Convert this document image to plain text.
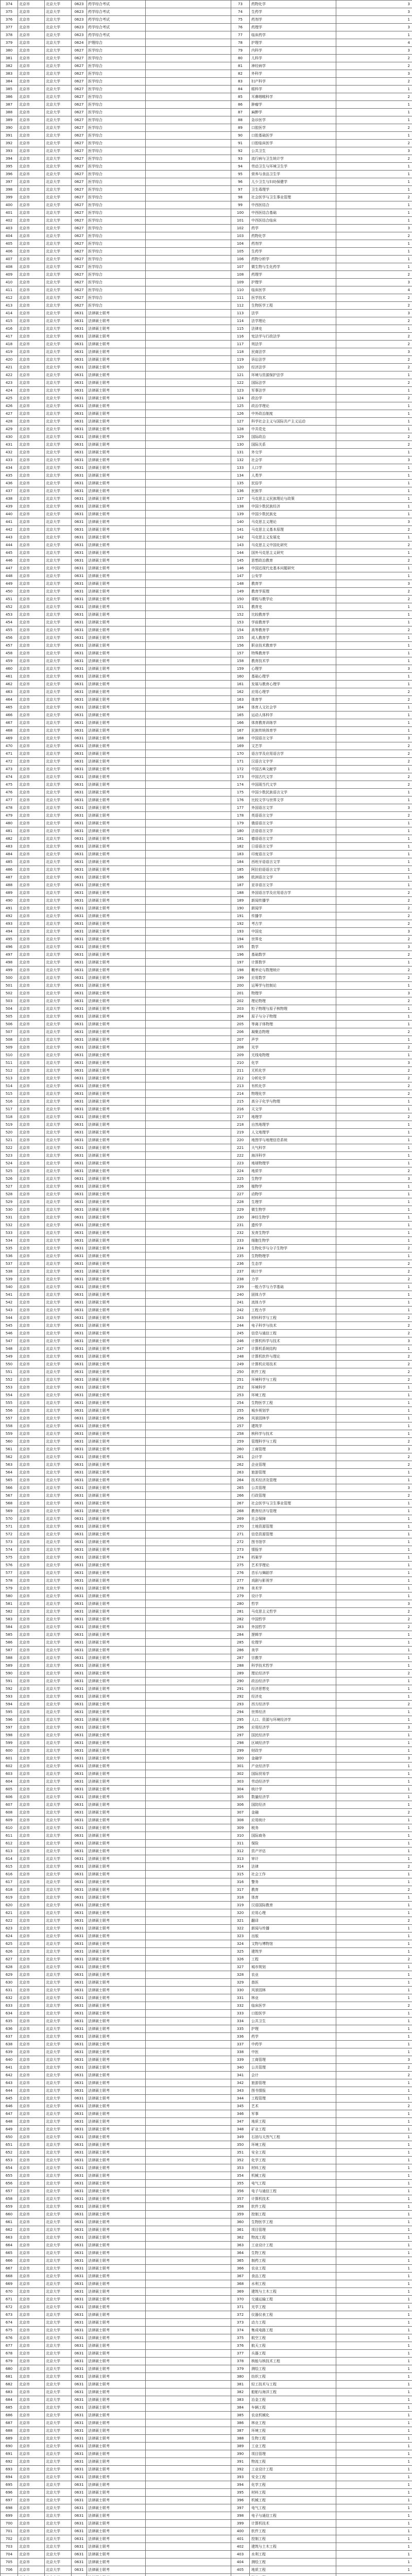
374	北京市	北京大学	0623	药学综合考试		73	药物化学	3
375	北京市	北京大学	0623	药学综合考试		74	生药学	3
376	北京市	北京大学	0623	药学综合考试		75	药剂学	1
377	北京市	北京大学	0623	药学综合考试		76	药理学	3
378	北京市	北京大学	0623	药学综合考试		77	临床药学	1
379	北京市	北京大学	0624	护理综合		78	护理学	4
380	北京市	北京大学	0627	医学综合		79	内科学	3
381	北京市	北京大学	0627	医学综合		80	儿科学	2
382	北京市	北京大学	0627	医学综合		81	神经病学	2
383	北京市	北京大学	0627	医学综合		82	外科学	3
384	北京市	北京大学	0627	医学综合		83	妇产科学	2
385	北京市	北京大学	0627	医学综合		84	眼科学	1
386	北京市	北京大学	0627	医学综合		85	耳鼻咽喉科学	2
387	北京市	北京大学	0627	医学综合		86	肿瘤学	1
388	北京市	北京大学	0627	医学综合		87	麻醉学	1
389	北京市	北京大学	0627	医学综合		88	急诊医学	1
390	北京市	北京大学	0627	医学综合		89	口腔医学	2
391	北京市	北京大学	0627	医学综合		90	口腔基础医学	1
392	北京市	北京大学	0627	医学综合		91	口腔临床医学	2
393	北京市	北京大学	0627	医学综合		92	公共卫生	3
394	北京市	北京大学	0627	医学综合		93	流行病与卫生统计学	2
395	北京市	北京大学	0627	医学综合		94	劳动卫生与环境卫生学	1
396	北京市	北京大学	0627	医学综合		95	营养与食品卫生学	1
397	北京市	北京大学	0627	医学综合		96	儿少卫生与妇幼保健学	1
398	北京市	北京大学	0627	医学综合		97	卫生毒理学	1
399	北京市	北京大学	0627	医学综合		98	社会医学与卫生事业管理	2
400	北京市	北京大学	0627	医学综合		99	中西医结合	1
401	北京市	北京大学	0627	医学综合		100	中西医结合基础	1
402	北京市	北京大学	0627	医学综合		101	中西医结合临床	1
403	北京市	北京大学	0627	医学综合		102	药学	3
404	北京市	北京大学	0627	医学综合		103	药物化学	2
405	北京市	北京大学	0627	医学综合		104	药剂学	1
406	北京市	北京大学	0627	医学综合		105	生药学	1
407	北京市	北京大学	0627	医学综合		106	药物分析学	1
408	北京市	北京大学	0627	医学综合		107	微生物与生化药学	1
409	北京市	北京大学	0627	医学综合		108	药理学	2
410	北京市	北京大学	0627	医学综合		109	护理学	3
411	北京市	北京大学	0627	医学综合		110	临床医学	4
412	北京市	北京大学	0627	医学综合		111	医学技术	2
413	北京市	北京大学	0627	医学综合		112	生物医学工程	2
414	北京市	北京大学	0631	法律硕士联考		113	法学	3
415	北京市	北京大学	0631	法律硕士联考		114	法学理论	2
416	北京市	北京大学	0631	法律硕士联考		115	法律史	1
417	北京市	北京大学	0631	法律硕士联考		116	宪法学与行政法学	2
418	北京市	北京大学	0631	法律硕士联考		117	刑法学	2
419	北京市	北京大学	0631	法律硕士联考		118	民商法学	3
420	北京市	北京大学	0631	法律硕士联考		119	诉讼法学	2
421	北京市	北京大学	0631	法律硕士联考		120	经济法学	2
422	北京市	北京大学	0631	法律硕士联考		121	环境与资源保护法学	1
423	北京市	北京大学	0631	法律硕士联考		122	国际法学	2
424	北京市	北京大学	0631	法律硕士联考		123	军事法学	1
425	北京市	北京大学	0631	法律硕士联考		124	政治学	2
426	北京市	北京大学	0631	法律硕士联考		125	政治学理论	1
427	北京市	北京大学	0631	法律硕士联考		126	中外政治制度	1
428	北京市	北京大学	0631	法律硕士联考		127	科学社会主义与国际共产主义运动	1
429	北京市	北京大学	0631	法律硕士联考		128	中共党史	1
430	北京市	北京大学	0631	法律硕士联考		129	国际政治	2
431	北京市	北京大学	0631	法律硕士联考		130	国际关系	2
432	北京市	北京大学	0631	法律硕士联考		131	外交学	1
433	北京市	北京大学	0631	法律硕士联考		132	社会学	3
434	北京市	北京大学	0631	法律硕士联考		133	人口学	1
435	北京市	北京大学	0631	法律硕士联考		134	人类学	1
436	北京市	北京大学	0631	法律硕士联考		135	民俗学	1
437	北京市	北京大学	0631	法律硕士联考		136	民族学	1
438	北京市	北京大学	0631	法律硕士联考		137	马克思主义民族理论与政策	1
439	北京市	北京大学	0631	法律硕士联考		138	中国少数民族经济	1
440	北京市	北京大学	0631	法律硕士联考		139	中国少数民族史	1
441	北京市	北京大学	0631	法律硕士联考		140	马克思主义理论	3
442	北京市	北京大学	0631	法律硕士联考		141	马克思主义基本原理	2
443	北京市	北京大学	0631	法律硕士联考		142	马克思主义发展史	1
444	北京市	北京大学	0631	法律硕士联考		143	马克思主义中国化研究	2
445	北京市	北京大学	0631	法律硕士联考		144	国外马克思主义研究	1
446	北京市	北京大学	0631	法律硕士联考		145	思想政治教育	2
447	北京市	北京大学	0631	法律硕士联考		146	中国近现代史基本问题研究	1
448	北京市	北京大学	0631	法律硕士联考		147	公安学	1
449	北京市	北京大学	0631	法律硕士联考		148	教育学	3
450	北京市	北京大学	0631	法律硕士联考		149	教育学原理	2
451	北京市	北京大学	0631	法律硕士联考		150	课程与教学论	2
452	北京市	北京大学	0631	法律硕士联考		151	教育史	1
453	北京市	北京大学	0631	法律硕士联考		152	比较教育学	1
454	北京市	北京大学	0631	法律硕士联考		153	学前教育学	1
455	北京市	北京大学	0631	法律硕士联考		154	高等教育学	2
456	北京市	北京大学	0631	法律硕士联考		155	成人教育学	1
457	北京市	北京大学	0631	法律硕士联考		156	职业技术教育学	1
458	北京市	北京大学	0631	法律硕士联考		157	特殊教育学	1
459	北京市	北京大学	0631	法律硕士联考		158	教育技术学	1
460	北京市	北京大学	0631	法律硕士联考		159	心理学	3
461	北京市	北京大学	0631	法律硕士联考		160	基础心理学	1
462	北京市	北京大学	0631	法律硕士联考		161	发展与教育心理学	1
463	北京市	北京大学	0631	法律硕士联考		162	应用心理学	2
464	北京市	北京大学	0631	法律硕士联考		163	体育学	2
465	北京市	北京大学	0631	法律硕士联考		164	体育人文社会学	1
466	北京市	北京大学	0631	法律硕士联考		165	运动人体科学	1
467	北京市	北京大学	0631	法律硕士联考		166	体育教育训练学	1
468	北京市	北京大学	0631	法律硕士联考		167	民族传统体育学	1
469	北京市	北京大学	0631	法律硕士联考		168	中国语言文学	3
470	北京市	北京大学	0631	法律硕士联考		169	文艺学	2
471	北京市	北京大学	0631	法律硕士联考		170	语言学及应用语言学	2
472	北京市	北京大学	0631	法律硕士联考		171	汉语言文字学	2
473	北京市	北京大学	0631	法律硕士联考		172	中国古典文献学	1
474	北京市	北京大学	0631	法律硕士联考		173	中国古代文学	2
475	北京市	北京大学	0631	法律硕士联考		174	中国现当代文学	2
476	北京市	北京大学	0631	法律硕士联考		175	中国少数民族语言文学	1
477	北京市	北京大学	0631	法律硕士联考		176	比较文学与世界文学	1
478	北京市	北京大学	0631	法律硕士联考		177	外国语言文学	3
479	北京市	北京大学	0631	法律硕士联考		178	英语语言文学	2
480	北京市	北京大学	0631	法律硕士联考		179	俄语语言文学	1
481	北京市	北京大学	0631	法律硕士联考		180	法语语言文学	1
482	北京市	北京大学	0631	法律硕士联考		181	德语语言文学	1
483	北京市	北京大学	0631	法律硕士联考		182	日语语言文学	1
484	北京市	北京大学	0631	法律硕士联考		183	印度语言文学	1
485	北京市	北京大学	0631	法律硕士联考		184	西班牙语语言文学	1
486	北京市	北京大学	0631	法律硕士联考		185	阿拉伯语语言文学	1
487	北京市	北京大学	0631	法律硕士联考		186	欧洲语言文学	1
488	北京市	北京大学	0631	法律硕士联考		187	亚非语言文学	1
489	北京市	北京大学	0631	法律硕士联考		188	外国语言学及应用语言学	2
490	北京市	北京大学	0631	法律硕士联考		189	新闻传播学	2
491	北京市	北京大学	0631	法律硕士联考		190	新闻学	2
492	北京市	北京大学	0631	法律硕士联考		191	传播学	2
493	北京市	北京大学	0631	法律硕士联考		192	考古学	2
494	北京市	北京大学	0631	法律硕士联考		193	中国史	3
495	北京市	北京大学	0631	法律硕士联考		194	世界史	2
496	北京市	北京大学	0631	法律硕士联考		195	数学	3
497	北京市	北京大学	0631	法律硕士联考		196	基础数学	2
498	北京市	北京大学	0631	法律硕士联考		197	计算数学	1
499	北京市	北京大学	0631	法律硕士联考		198	概率论与数理统计	2
500	北京市	北京大学	0631	法律硕士联考		199	应用数学	2
501	北京市	北京大学	0631	法律硕士联考		200	运筹学与控制论	1
502	北京市	北京大学	0631	法律硕士联考		201	物理学	3
503	北京市	北京大学	0631	法律硕士联考		202	理论物理	2
504	北京市	北京大学	0631	法律硕士联考		203	粒子物理与原子核物理	1
505	北京市	北京大学	0631	法律硕士联考		204	原子与分子物理	1
506	北京市	北京大学	0631	法律硕士联考		205	等离子体物理	1
507	北京市	北京大学	0631	法律硕士联考		206	凝聚态物理	2
508	北京市	北京大学	0631	法律硕士联考		207	声学	1
509	北京市	北京大学	0631	法律硕士联考		208	光学	2
510	北京市	北京大学	0631	法律硕士联考		209	无线电物理	1
511	北京市	北京大学	0631	法律硕士联考		210	化学	3
512	北京市	北京大学	0631	法律硕士联考		211	无机化学	2
513	北京市	北京大学	0631	法律硕士联考		212	分析化学	2
514	北京市	北京大学	0631	法律硕士联考		213	有机化学	2
515	北京市	北京大学	0631	法律硕士联考		214	物理化学	2
516	北京市	北京大学	0631	法律硕士联考		215	高分子化学与物理	1
517	北京市	北京大学	0631	法律硕士联考		216	天文学	1
518	北京市	北京大学	0631	法律硕士联考		217	地理学	2
519	北京市	北京大学	0631	法律硕士联考		218	自然地理学	1
520	北京市	北京大学	0631	法律硕士联考		219	人文地理学	1
521	北京市	北京大学	0631	法律硕士联考		220	地图学与地理信息系统	1
522	北京市	北京大学	0631	法律硕士联考		221	大气科学	1
523	北京市	北京大学	0631	法律硕士联考		222	海洋科学	1
524	北京市	北京大学	0631	法律硕士联考		223	地球物理学	1
525	北京市	北京大学	0631	法律硕士联考		224	地质学	2
526	北京市	北京大学	0631	法律硕士联考		225	生物学	3
527	北京市	北京大学	0631	法律硕士联考		226	植物学	1
528	北京市	北京大学	0631	法律硕士联考		227	动物学	1
529	北京市	北京大学	0631	法律硕士联考		228	生理学	1
530	北京市	北京大学	0631	法律硕士联考		229	微生物学	1
531	北京市	北京大学	0631	法律硕士联考		230	神经生物学	1
532	北京市	北京大学	0631	法律硕士联考		231	遗传学	1
533	北京市	北京大学	0631	法律硕士联考		232	发育生物学	1
534	北京市	北京大学	0631	法律硕士联考		233	细胞生物学	1
535	北京市	北京大学	0631	法律硕士联考		234	生物化学与分子生物学	2
536	北京市	北京大学	0631	法律硕士联考		235	生物物理学	1
537	北京市	北京大学	0631	法律硕士联考		236	生态学	2
538	北京市	北京大学	0631	法律硕士联考		237	统计学	2
539	北京市	北京大学	0631	法律硕士联考		238	力学	2
540	北京市	北京大学	0631	法律硕士联考		239	一般力学与力学基础	1
541	北京市	北京大学	0631	法律硕士联考		240	固体力学	1
542	北京市	北京大学	0631	法律硕士联考		241	流体力学	1
543	北京市	北京大学	0631	法律硕士联考		242	工程力学	1
544	北京市	北京大学	0631	法律硕士联考		243	材料科学与工程	2
545	北京市	北京大学	0631	法律硕士联考		244	电子科学与技术	2
546	北京市	北京大学	0631	法律硕士联考		245	信息与通信工程	2
547	北京市	北京大学	0631	法律硕士联考		246	计算机科学与技术	3
548	北京市	北京大学	0631	法律硕士联考		247	计算机系统结构	1
549	北京市	北京大学	0631	法律硕士联考		248	计算机软件与理论	2
550	北京市	北京大学	0631	法律硕士联考		249	计算机应用技术	2
551	北京市	北京大学	0631	法律硕士联考		250	软件工程	2
552	北京市	北京大学	0631	法律硕士联考		251	环境科学与工程	2
553	北京市	北京大学	0631	法律硕士联考		252	环境科学	1
554	北京市	北京大学	0631	法律硕士联考		253	环境工程	1
555	北京市	北京大学	0631	法律硕士联考		254	生物医学工程	1
556	北京市	北京大学	0631	法律硕士联考		255	城乡规划学	1
557	北京市	北京大学	0631	法律硕士联考		256	风景园林学	1
558	北京市	北京大学	0631	法律硕士联考		257	建筑学	1
559	北京市	北京大学	0631	法律硕士联考		258	核科学与技术	1
560	北京市	北京大学	0631	法律硕士联考		259	管理科学与工程	2
561	北京市	北京大学	0631	法律硕士联考		260	工商管理	3
562	北京市	北京大学	0631	法律硕士联考		261	会计学	2
563	北京市	北京大学	0631	法律硕士联考		262	企业管理	2
564	北京市	北京大学	0631	法律硕士联考		263	旅游管理	1
565	北京市	北京大学	0631	法律硕士联考		264	技术经济及管理	1
566	北京市	北京大学	0631	法律硕士联考		265	公共管理	3
567	北京市	北京大学	0631	法律硕士联考		266	行政管理	2
568	北京市	北京大学	0631	法律硕士联考		267	社会医学与卫生事业管理	1
569	北京市	北京大学	0631	法律硕士联考		268	教育经济与管理	1
570	北京市	北京大学	0631	法律硕士联考		269	社会保障	1
571	北京市	北京大学	0631	法律硕士联考		270	土地资源管理	1
572	北京市	北京大学	0631	法律硕士联考		271	信息资源管理	1
573	北京市	北京大学	0631	法律硕士联考		272	图书馆学	1
574	北京市	北京大学	0631	法律硕士联考		273	情报学	1
575	北京市	北京大学	0631	法律硕士联考		274	档案学	1
576	北京市	北京大学	0631	法律硕士联考		275	艺术学理论	1
577	北京市	北京大学	0631	法律硕士联考		276	音乐与舞蹈学	1
578	北京市	北京大学	0631	法律硕士联考		277	戏剧与影视学	1
579	北京市	北京大学	0631	法律硕士联考		278	美术学	1
580	北京市	北京大学	0631	法律硕士联考		279	设计学	1
581	北京市	北京大学	0631	法律硕士联考		280	哲学	3
582	北京市	北京大学	0631	法律硕士联考		281	马克思主义哲学	2
583	北京市	北京大学	0631	法律硕士联考		282	中国哲学	2
584	北京市	北京大学	0631	法律硕士联考		283	外国哲学	2
585	北京市	北京大学	0631	法律硕士联考		284	逻辑学	1
586	北京市	北京大学	0631	法律硕士联考		285	伦理学	1
587	北京市	北京大学	0631	法律硕士联考		286	美学	1
588	北京市	北京大学	0631	法律硕士联考		287	宗教学	1
589	北京市	北京大学	0631	法律硕士联考		288	科学技术哲学	1
590	北京市	北京大学	0631	法律硕士联考		289	理论经济学	2
591	北京市	北京大学	0631	法律硕士联考		290	政治经济学	1
592	北京市	北京大学	0631	法律硕士联考		291	经济思想史	1
593	北京市	北京大学	0631	法律硕士联考		292	经济史	1
594	北京市	北京大学	0631	法律硕士联考		293	西方经济学	2
595	北京市	北京大学	0631	法律硕士联考		294	世界经济	1
596	北京市	北京大学	0631	法律硕士联考		295	人口、资源与环境经济学	1
597	北京市	北京大学	0631	法律硕士联考		296	应用经济学	3
598	北京市	北京大学	0631	法律硕士联考		297	国民经济学	1
599	北京市	北京大学	0631	法律硕士联考		298	区域经济学	1
600	北京市	北京大学	0631	法律硕士联考		299	财政学	1
601	北京市	北京大学	0631	法律硕士联考		300	金融学	3
602	北京市	北京大学	0631	法律硕士联考		301	产业经济学	1
603	北京市	北京大学	0631	法律硕士联考		302	国际贸易学	1
604	北京市	北京大学	0631	法律硕士联考		303	劳动经济学	1
605	北京市	北京大学	0631	法律硕士联考		304	统计学	1
606	北京市	北京大学	0631	法律硕士联考		305	数量经济学	1
607	北京市	北京大学	0631	法律硕士联考		306	国防经济	1
608	北京市	北京大学	0631	法律硕士联考		307	金融	2
609	北京市	北京大学	0631	法律硕士联考		308	应用统计	1
610	北京市	北京大学	0631	法律硕士联考		309	税务	1
611	北京市	北京大学	0631	法律硕士联考		310	国际商务	1
612	北京市	北京大学	0631	法律硕士联考		311	保险	1
613	北京市	北京大学	0631	法律硕士联考		312	资产评估	1
614	北京市	北京大学	0631	法律硕士联考		313	审计	1
615	北京市	北京大学	0631	法律硕士联考		314	法律	2
616	北京市	北京大学	0631	法律硕士联考		315	社会工作	1
617	北京市	北京大学	0631	法律硕士联考		316	警务	1
618	北京市	北京大学	0631	法律硕士联考		317	教育	2
619	北京市	北京大学	0631	法律硕士联考		318	体育	1
620	北京市	北京大学	0631	法律硕士联考		319	汉语国际教育	1
621	北京市	北京大学	0631	法律硕士联考		320	应用心理	1
622	北京市	北京大学	0631	法律硕士联考		321	翻译	2
623	北京市	北京大学	0631	法律硕士联考		322	新闻与传播	1
624	北京市	北京大学	0631	法律硕士联考		323	出版	1
625	北京市	北京大学	0631	法律硕士联考		324	文物与博物馆	1
626	北京市	北京大学	0631	法律硕士联考		325	建筑学	1
627	北京市	北京大学	0631	法律硕士联考		326	工程	2
628	北京市	北京大学	0631	法律硕士联考		327	城市规划	1
629	北京市	北京大学	0631	法律硕士联考		328	农业	1
630	北京市	北京大学	0631	法律硕士联考		329	兽医	1
631	北京市	北京大学	0631	法律硕士联考		330	风景园林	1
632	北京市	北京大学	0631	法律硕士联考		331	林业	1
633	北京市	北京大学	0631	法律硕士联考		332	临床医学	2
634	北京市	北京大学	0631	法律硕士联考		333	口腔医学	1
635	北京市	北京大学	0631	法律硕士联考		334	公共卫生	1
636	北京市	北京大学	0631	法律硕士联考		335	护理	1
637	北京市	北京大学	0631	法律硕士联考		336	药学	1
638	北京市	北京大学	0631	法律硕士联考		337	中药学	1
639	北京市	北京大学	0631	法律硕士联考		338	中医	1
640	北京市	北京大学	0631	法律硕士联考		339	工商管理	3
641	北京市	北京大学	0631	法律硕士联考		340	公共管理	2
642	北京市	北京大学	0631	法律硕士联考		341	会计	2
643	北京市	北京大学	0631	法律硕士联考		342	旅游管理	1
644	北京市	北京大学	0631	法律硕士联考		343	图书情报	1
645	北京市	北京大学	0631	法律硕士联考		344	工程管理	1
646	北京市	北京大学	0631	法律硕士联考		345	艺术	2
647	北京市	北京大学	0631	法律硕士联考		346	军事	1
648	北京市	北京大学	0631	法律硕士联考		347	地质工程	1
649	北京市	北京大学	0631	法律硕士联考		348	矿业工程	1
650	北京市	北京大学	0631	法律硕士联考		349	石油与天然气工程	1
651	北京市	北京大学	0631	法律硕士联考		350	环境工程	1
652	北京市	北京大学	0631	法律硕士联考		351	安全工程	1
653	北京市	北京大学	0631	法律硕士联考		352	化学工程	1
654	北京市	北京大学	0631	法律硕士联考		353	材料工程	1
655	北京市	北京大学	0631	法律硕士联考		354	机械工程	1
656	北京市	北京大学	0631	法律硕士联考		355	电气工程	1
657	北京市	北京大学	0631	法律硕士联考		356	电子与通信工程	1
658	北京市	北京大学	0631	法律硕士联考		357	计算机技术	1
659	北京市	北京大学	0631	法律硕士联考		358	软件工程	1
660	北京市	北京大学	0631	法律硕士联考		359	控制工程	1
661	北京市	北京大学	0631	法律硕士联考		360	生物医学工程	1
662	北京市	北京大学	0631	法律硕士联考		361	项目管理	1
663	北京市	北京大学	0631	法律硕士联考		362	物流工程	1
664	北京市	北京大学	0631	法律硕士联考		363	工业设计工程	1
665	北京市	北京大学	0631	法律硕士联考		364	生物工程	1
666	北京市	北京大学	0631	法律硕士联考		365	制药工程	1
667	北京市	北京大学	0631	法律硕士联考		366	农业工程	1
668	北京市	北京大学	0631	法律硕士联考		367	食品工程	1
669	北京市	北京大学	0631	法律硕士联考		368	水利工程	1
670	北京市	北京大学	0631	法律硕士联考		369	建筑与土木工程	1
671	北京市	北京大学	0631	法律硕士联考		370	交通运输工程	1
672	北京市	北京大学	0631	法律硕士联考		371	光学工程	1
673	北京市	北京大学	0631	法律硕士联考		372	仪器仪表工程	1
674	北京市	北京大学	0631	法律硕士联考		373	动力工程	1
675	北京市	北京大学	0631	法律硕士联考		374	集成电路工程	1
676	北京市	北京大学	0631	法律硕士联考		375	航空工程	1
677	北京市	北京大学	0631	法律硕士联考		376	航天工程	1
678	北京市	北京大学	0631	法律硕士联考		377	兵器工程	1
679	北京市	北京大学	0631	法律硕士联考		378	核能与核技术工程	1
680	北京市	北京大学	0631	法律硕士联考		379	测绘工程	1
681	北京市	北京大学	0631	法律硕士联考		380	纺织工程	1
682	北京市	北京大学	0631	法律硕士联考		381	轻工技术与工程	1
683	北京市	北京大学	0631	法律硕士联考		382	船舶与海洋工程	1
684	北京市	北京大学	0631	法律硕士联考		383	冶金工程	1
685	北京市	北京大学	0631	法律硕士联考		384	车辆工程	1
686	北京市	北京大学	0631	法律硕士联考		385	农业机械化	1
687	北京市	北京大学	0631	法律硕士联考		386	林业工程	1
688	北京市	北京大学	0631	法律硕士联考		387	环境工程	1
689	北京市	北京大学	0631	法律硕士联考		388	生物工程	1
690	北京市	北京大学	0631	法律硕士联考		389	工业工程	1
691	北京市	北京大学	0631	法律硕士联考		390	项目管理	1
692	北京市	北京大学	0631	法律硕士联考		391	物流工程	1
693	北京市	北京大学	0631	法律硕士联考		392	工业设计工程	1
694	北京市	北京大学	0631	法律硕士联考		393	安全工程	1
695	北京市	北京大学	0631	法律硕士联考		394	化学工程	1
696	北京市	北京大学	0631	法律硕士联考		395	材料工程	1
697	北京市	北京大学	0631	法律硕士联考		396	机械工程	1
698	北京市	北京大学	0631	法律硕士联考		397	电气工程	1
699	北京市	北京大学	0631	法律硕士联考		398	电子与通信工程	1
700	北京市	北京大学	0631	法律硕士联考		399	计算机技术	1
701	北京市	北京大学	0631	法律硕士联考		400	软件工程	1
702	北京市	北京大学	0631	法律硕士联考		401	控制工程	1
703	北京市	北京大学	0631	法律硕士联考		402	建筑与土木工程	1
704	北京市	北京大学	0631	法律硕士联考		403	水利工程	1
705	北京市	北京大学	0631	法律硕士联考		404	测绘工程	1
706	北京市	北京大学	0631	法律硕士联考		405	地质工程	1
